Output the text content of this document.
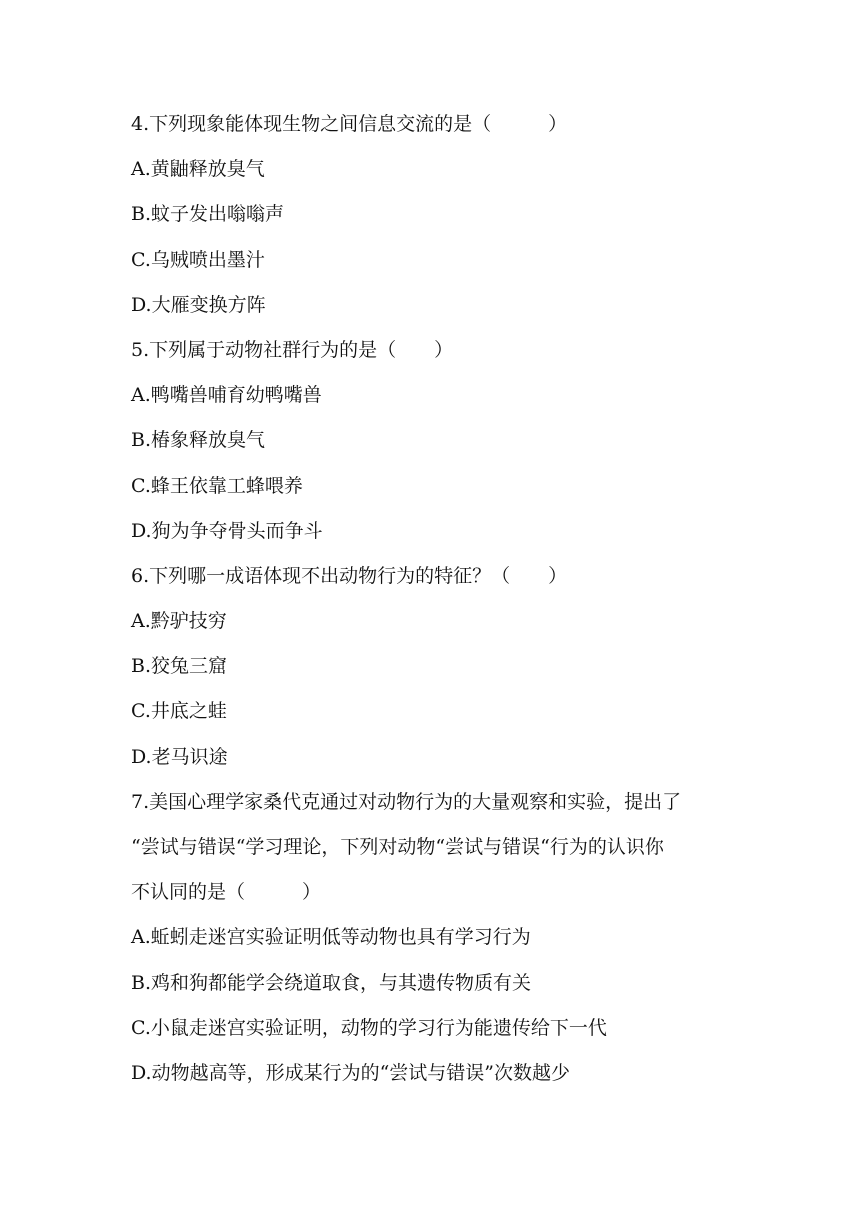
4.下列现象能体现生物之间信息交流的是（　　　）

A.黄鼬释放臭气

B.蚊子发出嗡嗡声

C.乌贼喷出墨汁

D.大雁变换方阵

5.下列属于动物社群行为的是（　　）

A.鸭嘴兽哺育幼鸭嘴兽

B.椿象释放臭气

C.蜂王依靠工蜂喂养

D.狗为争夺骨头而争斗

6.下列哪一成语体现不出动物行为的特征？（　　）

A.黔驴技穷

B.狡兔三窟

C.井底之蛙

D.老马识途

7.美国心理学家桑代克通过对动物行为的大量观察和实验，提出了

“尝试与错误“学习理论，下列对动物“尝试与错误“行为的认识你

不认同的是（　　　）

A.蚯蚓走迷宫实验证明低等动物也具有学习行为

B.鸡和狗都能学会绕道取食，与其遗传物质有关

C.小鼠走迷宫实验证明，动物的学习行为能遗传给下一代

D.动物越高等，形成某行为的“尝试与错误”次数越少
